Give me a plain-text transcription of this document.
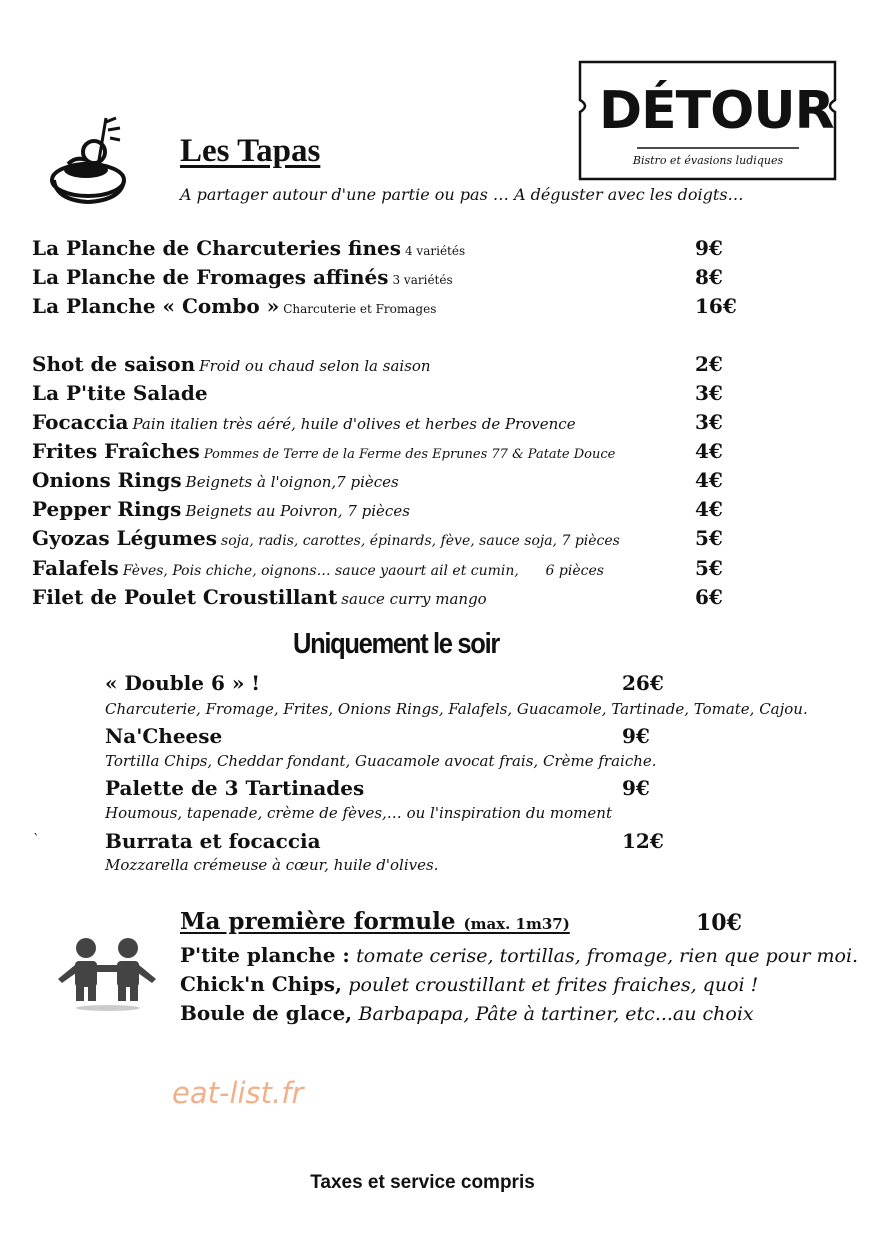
DÉTOUR
Bistro et évasions ludiques
Les Tapas
A partager autour d'une partie ou pas … A déguster avec les doigts…
La Planche de Charcuteries fines 4 variétés	9€
La Planche de Fromages affinés 3 variétés	8€
La Planche « Combo » Charcuterie et Fromages	16€
Shot de saison Froid ou chaud selon la saison	2€
La P'tite Salade	3€
Focaccia Pain italien très aéré, huile d'olives et herbes de Provence	3€
Frites Fraîches Pommes de Terre de la Ferme des Eprunes 77 & Patate Douce	4€
Onions Rings Beignets à l'oignon,7 pièces	4€
Pepper Rings Beignets au Poivron, 7 pièces	4€
Gyozas Légumes soja, radis, carottes, épinards, fève, sauce soja, 7 pièces	5€
Falafels Fèves, Pois chiche, oignons… sauce yaourt ail et cumin,      6 pièces	5€
Filet de Poulet Croustillant sauce curry mango	6€
Uniquement le soir
« Double 6 » !	26€
Charcuterie, Fromage, Frites, Onions Rings, Falafels, Guacamole, Tartinade, Tomate, Cajou.
Na'Cheese	9€
Tortilla Chips, Cheddar fondant, Guacamole avocat frais, Crème fraiche.
Palette de 3 Tartinades	9€
Houmous, tapenade, crème de fèves,… ou l'inspiration du moment
`	Burrata et focaccia	12€
Mozzarella crémeuse à cœur, huile d'olives.
Ma première formule (max. 1m37)	10€
P'tite planche : tomate cerise, tortillas, fromage, rien que pour moi.
Chick'n Chips, poulet croustillant et frites fraiches, quoi !
Boule de glace, Barbapapa, Pâte à tartiner, etc...au choix
eat-list.fr
Taxes et service compris
